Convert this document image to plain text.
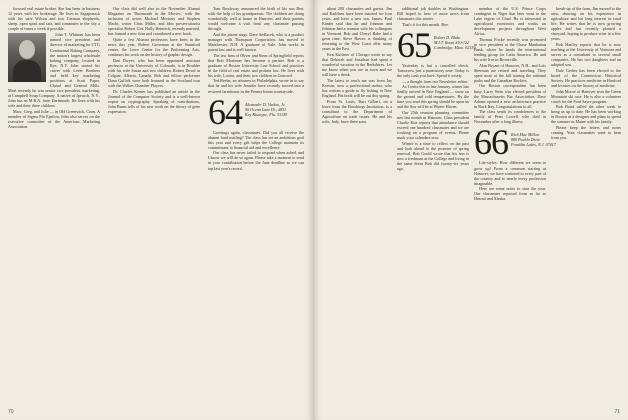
focused real estate broker. She has been in business 12 years with her brokerage. He lives in Sagaponack with his wife Wilson and two German shepherds, sheep, open spirit and cats, and commutes to the city a couple of times a week if possible.

John T. Whitmer has been named vice president and director of marketing for CTG

Continental Baking Company, the nation's largest wholesale baking company, located in Rye, N.Y. John started his career with Lever Brothers and held key marketing positions at Scott Paper, Clairol and General Mills. Most recently he was senior vice president, marketing, at Campbell Soup Company. A native of Ipswich, N.Y., John has an M.B.A. from Dartmouth. He lives with his wife and their three children.

Marc, Greg, and Julie — in Old Greenwich, Conn. A member of Sigma Phi Epsilon, John also serves on the executive committee of the American Marketing Association.

Our class did well also in the November Alumni Magazine on 'Dartmouth in the Movies,' with the inclusion of actors Michael Moriarty and Stephen Macht, writer Chris Miller, and film preservationist specialist Robert Gitt. Holly Heinrich, recently married, has formed a new firm and coauthored a new book.

Quite a few Alumni professors have been in the news this year. Robert Grossman at the Stamford center, the Lowe Center for the Performing Arts, continues his work on the history of graphic design.

Dan Dwyer, who has been appointed assistant professor at the University of Colorado, is in Boulder with his wife Susan and two children. Robert Dowd in Colgate, Alberta, Canada. Bob and fellow performer Dana Gullick were both featured in the Scotland tour with the Wilkes Chamber Players.

Dr. Charles Kerner has published an article in the Journal of the Computer Society and is a well-known expert on cryptography. Speaking of contributions, John Burns tells of his new work on the theory of gene expression.

Tom Brockway announced the birth of his son Ben, with the help of his grandparents. The children are doing wonderfully well at home in Hanover, and their parents would welcome a visit from any classmate passing through.

And the phone rings. Dave Sedlacek, who is a product manager with Thompson Corporation, has moved to Manchester, N.H. A graduate of Yale, John works in patent law and is well known.

The law firm of Oliver and Stern of Springfield reports that Bob Mortimer has become a partner. Bob is a graduate of Boston University Law School and practices in the field of real estate and probate law. He lives with his wife, Louise, and their two children in Concord.

Ted Beebe, an attorney in Philadelphia, wrote in to say that he and his wife Jennifer have recently moved into a restored farmhouse in the Pennsylvania countryside.

64 Alexander D. Varkas, Jr.
90 Ocean Lane Dr., #811
Key Biscayne, Fla. 33149

Greetings again, classmates. Did you all receive the alumni fund mailing? The class has set an ambitious goal this year and every gift helps the College maintain its commitment to financial aid and excellence.

Our class has never failed to respond when asked, and I know we will do so again. Please take a moment to send in your contribution before the June deadline so we can top last year's record.

70

about 200 classmates and guests. Jim and Kathleen have been married for four years, and have a new son, James. Paul Kinder said that he and Johnson and Johnson had a reunion with his colleagues in Vermont. Bob and Cheryl Rabe had a great time. Steve Hawes is thinking of returning to the West Coast after many years in the East.

Ken Kuchner of Chicago wrote to say that Deborah and Jonathan had spent a wonderful vacation in the Berkshires. Let me know when you are in town and we will have a drink.

The latest to reach me was from Jay Kerwin, now a professional author, who has written a guide to fly fishing in New England. His book will be out this spring.

From St. Louis, Burt Gilbert, on a leave from the Brookings Institution, is a consultant to the Department of Agriculture on trade issues. He and his wife, Judy, have three sons.

additional job doubles in Washington. Bill hoped to hear of more news from classmates this winter.

That's it for this month. Bye.

65 Robert D. Blake
M.I.T. Room #10-122
Cambridge, Mass. 02139

Yesterday is but a cancelled check. Tomorrow just a promissory note. Today is the only cash you have. Spend it wisely.

— a thought from our Newsletter editor.

As I write this in late January, winter has finally arrived in New England — snow on the ground and cold temperatures. By the time you read this spring should be upon us and the Sox will be at Winter Haven.

Our 25th reunion planning committee met last month in Hanover. Class president Charlie Kite reports that attendance should exceed one hundred classmates and we are working on a program of events. Please mark your calendars now.

Winter is a time to reflect on the past and look ahead to the promise of spring renewal. Bob Gould wrote that his son is now a freshman at the College and living in the same dorm Bob did twenty-six years ago.

member of the U.S. Prince Corps contingent in Niger that later went to the Lake region of Chad. He is interested in agricultural economics and works on development projects throughout West Africa.

Thomas Fricke recently was promoted to vice president at the Chase Manhattan Bank, where he heads the international lending group for Latin America. He and his wife live in Bronxville.

Alan Bryant of Hanover, N.H., and Lois Sherman are retired and traveling. They spent most of the fall touring the national parks and the Canadian Rockies.

Our Boston correspondent has been busy. Larry Stein was elected president of the Massachusetts Bar Association. Dave Adams opened a new architecture practice in Back Bay. Congratulations to all.

The class sends its condolences to the family of Peter Lowell, who died in November after a long illness.

66 Rich Mac Millan
880 Pueblo Drive
Franklin Lakes, N.J. 07417

Life-styles: How different we seem to grow up! From a common starting at Hanover, we have scattered to every part of the country and to nearly every profession imaginable.

Here are some notes to start the year. Our classmates reported from as far as Hawaii and Alaska.

break-up of the farm, Jim moved to the area, drawing on his experience in agriculture and his long interest in rural life. He writes that he is now growing apples and has recently planted a vineyard, hoping to produce wine in a few years.

Rob Hartley reports that he is now teaching at the University of Vermont and serves as a consultant to several small companies. He has two daughters and an adopted son.

Dale Gerber has been elected to the board of the Connecticut Historical Society. He practices medicine in Hartford and lectures on the history of medicine.

John Moore of Hanover won the Green Mountain ski race. He is also a volunteer coach for the Ford Sayre program.

Bob Baird called the other week to bring us up to date. He has been working in Boston as a designer and plans to spend the summer in Maine with his family.

Please keep the letters and notes coming. Your classmates want to hear from you.

71
